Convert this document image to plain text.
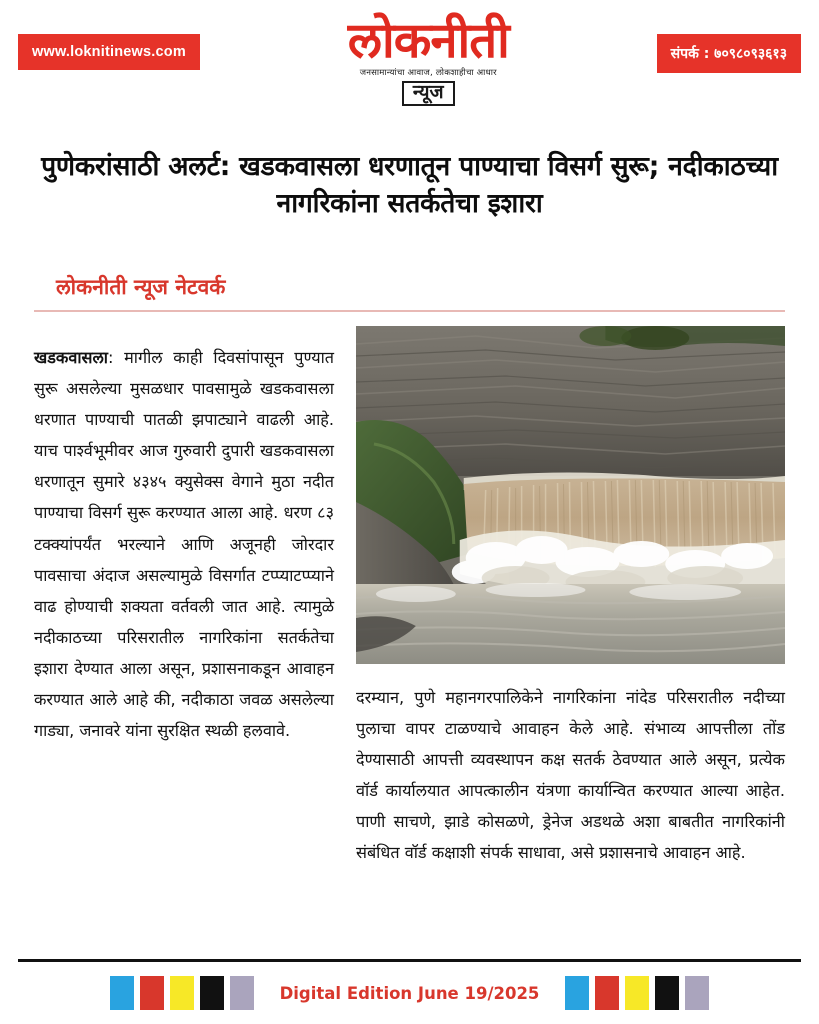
www.loknitinews.com	लोकनीती
जनसामान्यांचा आवाज, लोकशाहीचा आधार
न्यूज
संपर्क : ७०९८०९३६१३
पुणेकरांसाठी अलर्ट: खडकवासला धरणातून पाण्याचा विसर्ग सुरू; नदीकाठच्या नागरिकांना सतर्कतेचा इशारा
लोकनीती न्यूज नेटवर्क

खडकवासला: मागील काही दिवसांपासून पुण्यात सुरू असलेल्या मुसळधार पावसामुळे खडकवासला धरणात पाण्याची पातळी झपाट्याने वाढली आहे. याच पार्श्वभूमीवर आज गुरुवारी दुपारी खडकवासला धरणातून सुमारे ४३४५ क्युसेक्स वेगाने मुठा नदीत पाण्याचा विसर्ग सुरू करण्यात आला आहे. धरण ८३ टक्क्यांपर्यंत भरल्याने आणि अजूनही जोरदार पावसाचा अंदाज असल्यामुळे विसर्गात टप्प्याटप्प्याने वाढ होण्याची शक्यता वर्तवली जात आहे. त्यामुळे नदीकाठच्या परिसरातील नागरिकांना सतर्कतेचा इशारा देण्यात आला असून, प्रशासनाकडून आवाहन करण्यात आले आहे की, नदीकाठा जवळ असलेल्या गाड्या, जनावरे यांना सुरक्षित स्थळी हलवावे.

दरम्यान, पुणे महानगरपालिकेने नागरिकांना नांदेड परिसरातील नदीच्या पुलाचा वापर टाळण्याचे आवाहन केले आहे. संभाव्य आपत्तीला तोंड देण्यासाठी आपत्ती व्यवस्थापन कक्ष सतर्क ठेवण्यात आले असून, प्रत्येक वॉर्ड कार्यालयात आपत्कालीन यंत्रणा कार्यान्वित करण्यात आल्या आहेत. पाणी साचणे, झाडे कोसळणे, ड्रेनेज अडथळे अशा बाबतीत नागरिकांनी संबंधित वॉर्ड कक्षाशी संपर्क साधावा, असे प्रशासनाचे आवाहन आहे.

Digital Edition June 19/2025
